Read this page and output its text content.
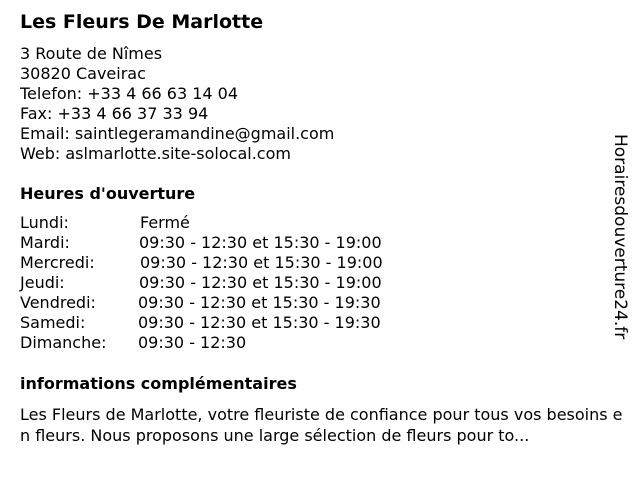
Les Fleurs De Marlotte
3 Route de Nîmes
30820 Caveirac
Telefon: +33 4 66 63 14 04
Fax: +33 4 66 37 33 94
Email: saintlegeramandine@gmail.com
Web: aslmarlotte.site-solocal.com
Heures d'ouverture
Lundi:	Fermé
Mardi:	09:30 - 12:30 et 15:30 - 19:00
Mercredi:	09:30 - 12:30 et 15:30 - 19:00
Jeudi:	09:30 - 12:30 et 15:30 - 19:00
Vendredi:	09:30 - 12:30 et 15:30 - 19:30
Samedi:	09:30 - 12:30 et 15:30 - 19:30
Dimanche: 09:30 - 12:30
informations complémentaires
Les Fleurs de Marlotte, votre fleuriste de confiance pour tous vos besoins en fleurs. Nous proposons une large sélection de fleurs pour to...
Horairesdouverture24.fr
